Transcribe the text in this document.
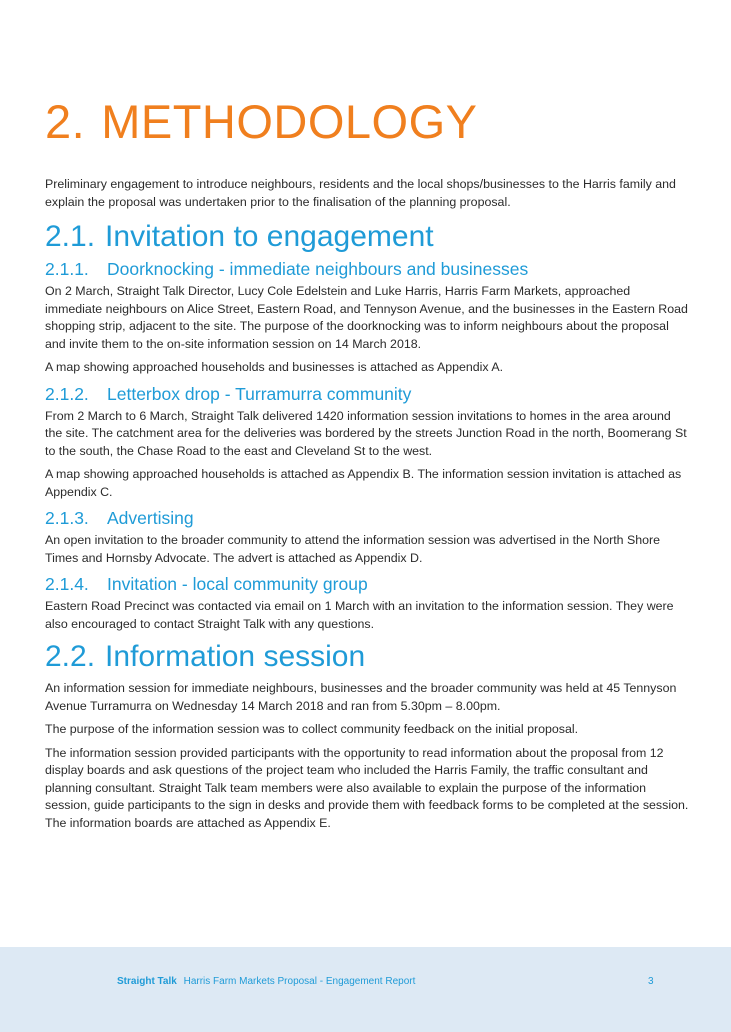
2. METHODOLOGY

Preliminary engagement to introduce neighbours, residents and the local shops/businesses to the Harris family and explain the proposal was undertaken prior to the finalisation of the planning proposal.

2.1. Invitation to engagement
2.1.1. Doorknocking - immediate neighbours and businesses

On 2 March, Straight Talk Director, Lucy Cole Edelstein and Luke Harris, Harris Farm Markets, approached immediate neighbours on Alice Street, Eastern Road, and Tennyson Avenue, and the businesses in the Eastern Road shopping strip, adjacent to the site. The purpose of the doorknocking was to inform neighbours about the proposal and invite them to the on-site information session on 14 March 2018.

A map showing approached households and businesses is attached as Appendix A.

2.1.2. Letterbox drop - Turramurra community

From 2 March to 6 March, Straight Talk delivered 1420 information session invitations to homes in the area around the site. The catchment area for the deliveries was bordered by the streets Junction Road in the north, Boomerang St to the south, the Chase Road to the east and Cleveland St to the west.

A map showing approached households is attached as Appendix B. The information session invitation is attached as Appendix C.

2.1.3. Advertising

An open invitation to the broader community to attend the information session was advertised in the North Shore Times and Hornsby Advocate. The advert is attached as Appendix D.

2.1.4. Invitation - local community group

Eastern Road Precinct was contacted via email on 1 March with an invitation to the information session. They were also encouraged to contact Straight Talk with any questions.

2.2. Information session

An information session for immediate neighbours, businesses and the broader community was held at 45 Tennyson Avenue Turramurra on Wednesday 14 March 2018 and ran from 5.30pm – 8.00pm.

The purpose of the information session was to collect community feedback on the initial proposal.

The information session provided participants with the opportunity to read information about the proposal from 12 display boards and ask questions of the project team who included the Harris Family, the traffic consultant and planning consultant. Straight Talk team members were also available to explain the purpose of the information session, guide participants to the sign in desks and provide them with feedback forms to be completed at the session. The information boards are attached as Appendix E.

Straight Talk Harris Farm Markets Proposal - Engagement Report	3
